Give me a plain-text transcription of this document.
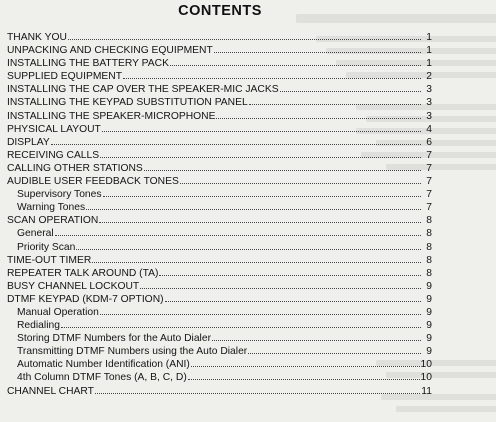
CONTENTS
THANK YOU	1
UNPACKING AND CHECKING EQUIPMENT	1
INSTALLING THE BATTERY PACK	1
SUPPLIED EQUIPMENT	2
INSTALLING THE CAP OVER THE SPEAKER-MIC JACKS	3
INSTALLING THE KEYPAD SUBSTITUTION PANEL	3
INSTALLING THE SPEAKER-MICROPHONE	3
PHYSICAL LAYOUT	4
DISPLAY	6
RECEIVING CALLS	7
CALLING OTHER STATIONS	7
AUDIBLE USER FEEDBACK TONES	7
Supervisory Tones	7
Warning Tones	7
SCAN OPERATION	8
General	8
Priority Scan	8
TIME-OUT TIMER	8
REPEATER TALK AROUND (TA)	8
BUSY CHANNEL LOCKOUT	9
DTMF KEYPAD (KDM-7 OPTION)	9
Manual Operation	9
Redialing	9
Storing DTMF Numbers for the Auto Dialer	9
Transmitting DTMF Numbers using the Auto Dialer	9
Automatic Number Identification (ANI)	10
4th Column DTMF Tones (A, B, C, D)	10
CHANNEL CHART	11
